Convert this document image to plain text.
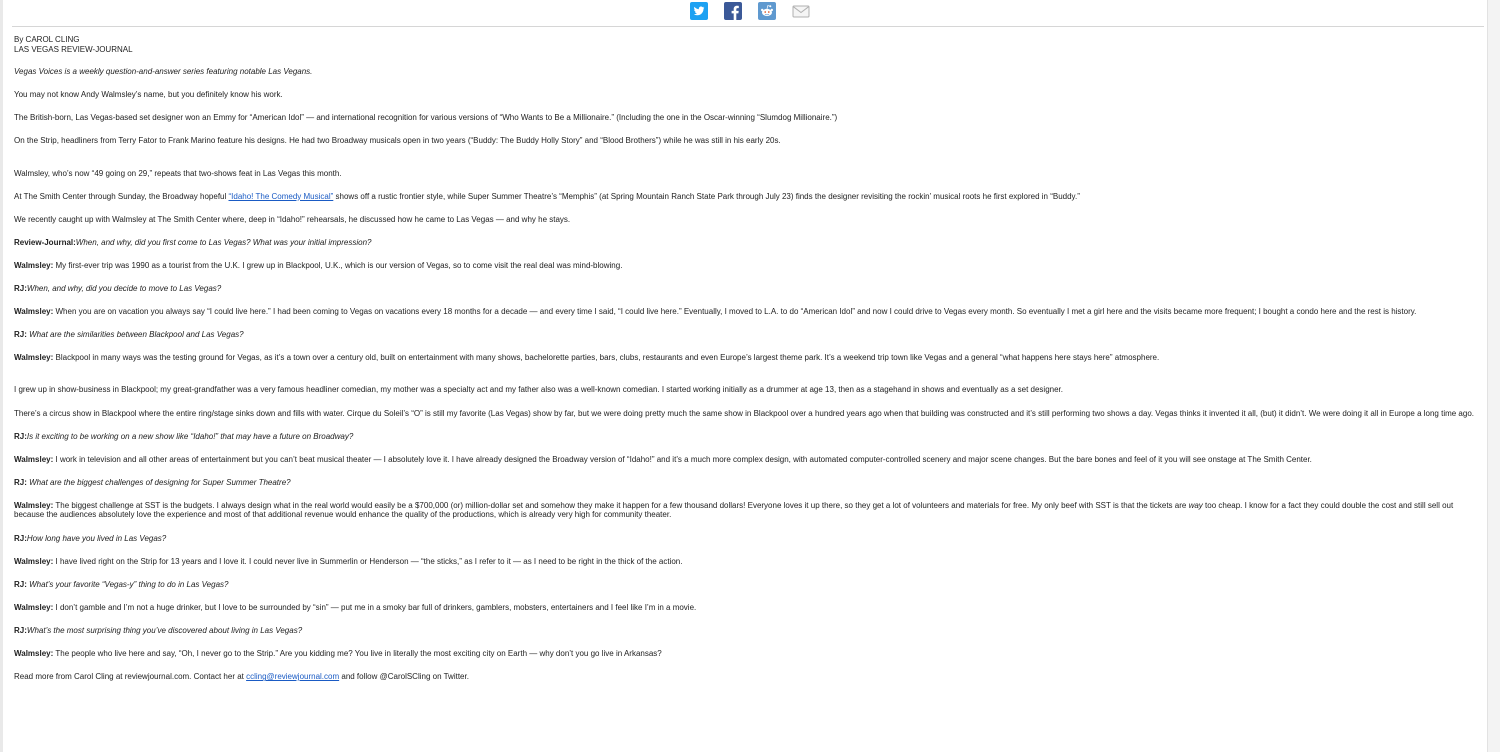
By CAROL CLING
LAS VEGAS REVIEW-JOURNAL

Vegas Voices is a weekly question-and-answer series featuring notable Las Vegans.

You may not know Andy Walmsley’s name, but you definitely know his work.

The British-born, Las Vegas-based set designer won an Emmy for “American Idol” — and international recognition for various versions of “Who Wants to Be a Millionaire.” (Including the one in the Oscar-winning “Slumdog Millionaire.”)

On the Strip, headliners from Terry Fator to Frank Marino feature his designs. He had two Broadway musicals open in two years (“Buddy: The Buddy Holly Story” and “Blood Brothers”) while he was still in his early 20s.

Walmsley, who’s now “49 going on 29,” repeats that two-shows feat in Las Vegas this month.

At The Smith Center through Sunday, the Broadway hopeful “Idaho! The Comedy Musical” shows off a rustic frontier style, while Super Summer Theatre’s “Memphis” (at Spring Mountain Ranch State Park through July 23) finds the designer revisiting the rockin’ musical roots he first explored in “Buddy.”

We recently caught up with Walmsley at The Smith Center where, deep in “Idaho!” rehearsals, he discussed how he came to Las Vegas — and why he stays.

Review-Journal:When, and why, did you first come to Las Vegas? What was your initial impression?

Walmsley: My first-ever trip was 1990 as a tourist from the U.K. I grew up in Blackpool, U.K., which is our version of Vegas, so to come visit the real deal was mind-blowing.

RJ:When, and why, did you decide to move to Las Vegas?

Walmsley: When you are on vacation you always say “I could live here.” I had been coming to Vegas on vacations every 18 months for a decade — and every time I said, “I could live here.” Eventually, I moved to L.A. to do “American Idol” and now I could drive to Vegas every month. So eventually I met a girl here and the visits became more frequent; I bought a condo here and the rest is history.

RJ: What are the similarities between Blackpool and Las Vegas?

Walmsley: Blackpool in many ways was the testing ground for Vegas, as it’s a town over a century old, built on entertainment with many shows, bachelorette parties, bars, clubs, restaurants and even Europe’s largest theme park. It’s a weekend trip town like Vegas and a general “what happens here stays here” atmosphere.

I grew up in show-business in Blackpool; my great-grandfather was a very famous headliner comedian, my mother was a specialty act and my father also was a well-known comedian. I started working initially as a drummer at age 13, then as a stagehand in shows and eventually as a set designer.

There’s a circus show in Blackpool where the entire ring/stage sinks down and fills with water. Cirque du Soleil’s “O” is still my favorite (Las Vegas) show by far, but we were doing pretty much the same show in Blackpool over a hundred years ago when that building was constructed and it’s still performing two shows a day. Vegas thinks it invented it all, (but) it didn’t. We were doing it all in Europe a long time ago.

RJ:Is it exciting to be working on a new show like “Idaho!” that may have a future on Broadway?

Walmsley: I work in television and all other areas of entertainment but you can’t beat musical theater — I absolutely love it. I have already designed the Broadway version of “Idaho!” and it’s a much more complex design, with automated computer-controlled scenery and major scene changes. But the bare bones and feel of it you will see onstage at The Smith Center.

RJ: What are the biggest challenges of designing for Super Summer Theatre?

Walmsley: The biggest challenge at SST is the budgets. I always design what in the real world would easily be a $700,000 (or) million-dollar set and somehow they make it happen for a few thousand dollars! Everyone loves it up there, so they get a lot of volunteers and materials for free. My only beef with SST is that the tickets are way too cheap. I know for a fact they could double the cost and still sell out because the audiences absolutely love the experience and most of that additional revenue would enhance the quality of the productions, which is already very high for community theater.

RJ:How long have you lived in Las Vegas?

Walmsley: I have lived right on the Strip for 13 years and I love it. I could never live in Summerlin or Henderson — “the sticks,” as I refer to it — as I need to be right in the thick of the action.

RJ: What’s your favorite “Vegas-y” thing to do in Las Vegas?

Walmsley: I don’t gamble and I’m not a huge drinker, but I love to be surrounded by “sin” — put me in a smoky bar full of drinkers, gamblers, mobsters, entertainers and I feel like I’m in a movie.

RJ:What’s the most surprising thing you’ve discovered about living in Las Vegas?

Walmsley: The people who live here and say, “Oh, I never go to the Strip.” Are you kidding me? You live in literally the most exciting city on Earth — why don’t you go live in Arkansas?

Read more from Carol Cling at reviewjournal.com. Contact her at ccling@reviewjournal.com and follow @CarolSCling on Twitter.
